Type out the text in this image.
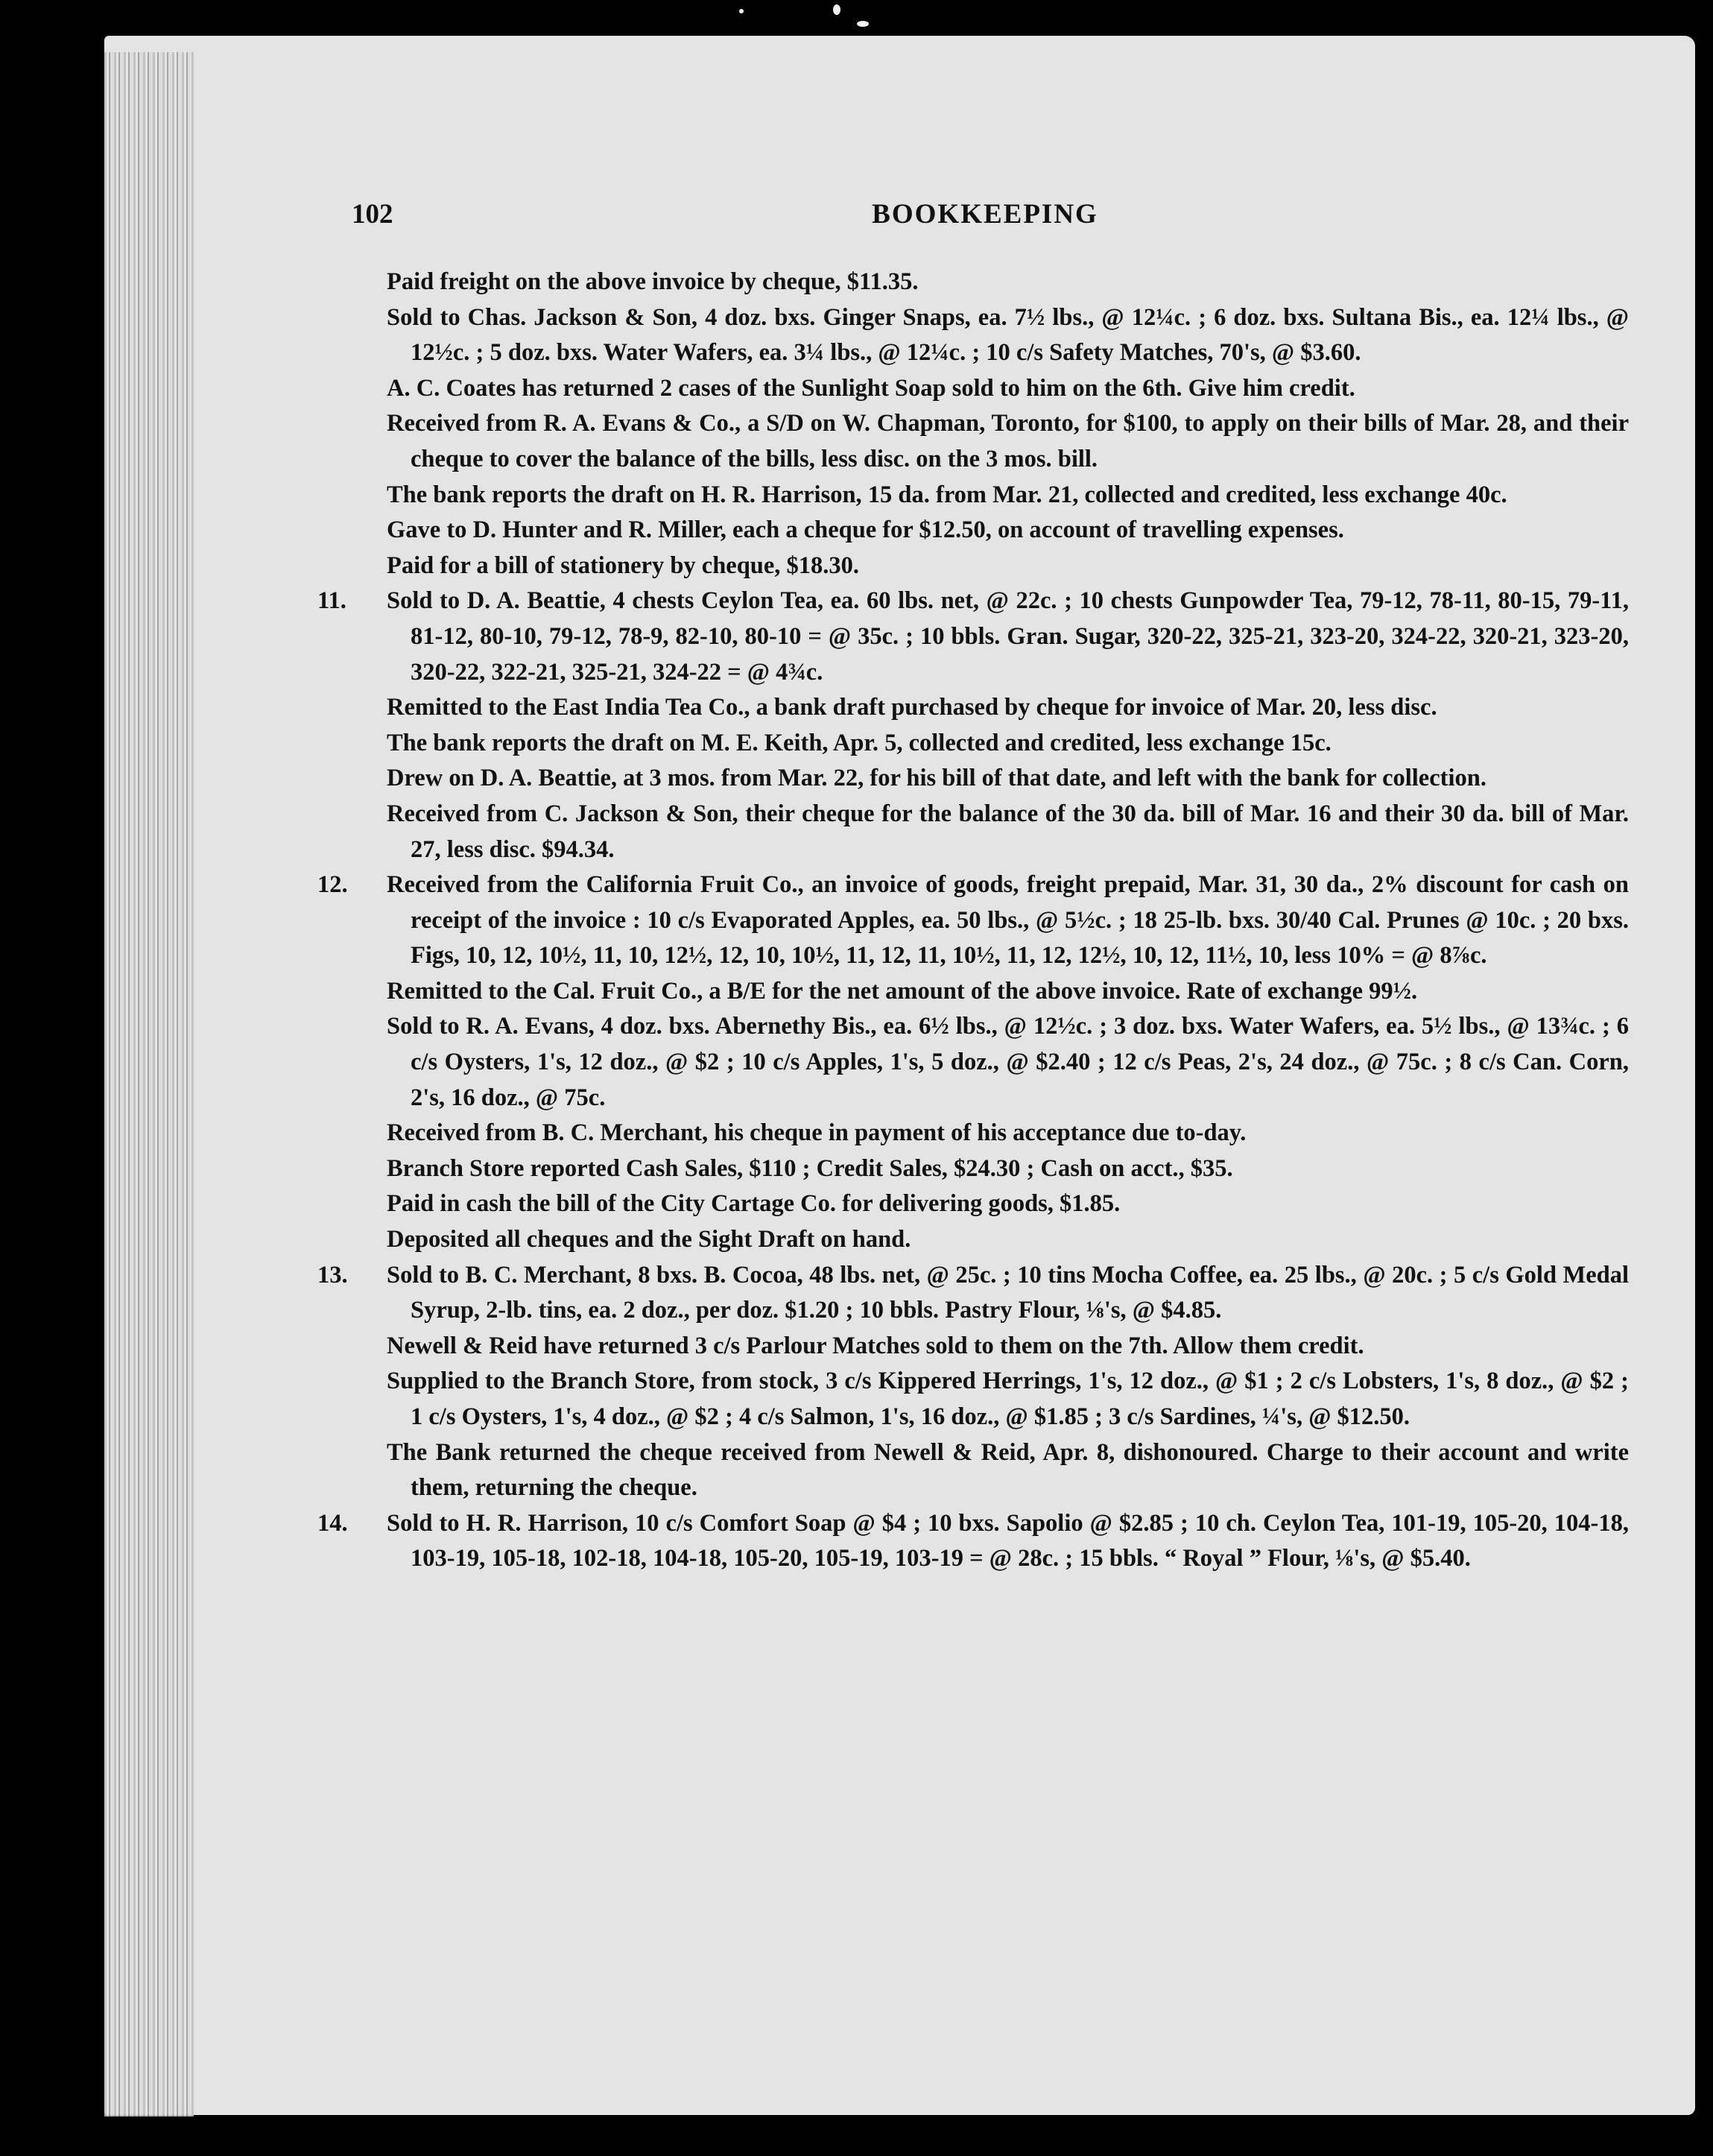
102	BOOKKEEPING
Paid freight on the above invoice by cheque, $11.35.
Sold to Chas. Jackson & Son, 4 doz. bxs. Ginger Snaps, ea. 7½ lbs., @ 12¼c. ; 6 doz. bxs. Sultana Bis., ea. 12¼ lbs., @ 12½c. ; 5 doz. bxs. Water Wafers, ea. 3¼ lbs., @ 12¼c. ; 10 c/s Safety Matches, 70's, @ $3.60.
A. C. Coates has returned 2 cases of the Sunlight Soap sold to him on the 6th. Give him credit.
Received from R. A. Evans & Co., a S/D on W. Chapman, Toronto, for $100, to apply on their bills of Mar. 28, and their cheque to cover the balance of the bills, less disc. on the 3 mos. bill.
The bank reports the draft on H. R. Harrison, 15 da. from Mar. 21, collected and credited, less exchange 40c.
Gave to D. Hunter and R. Miller, each a cheque for $12.50, on account of travelling expenses.
Paid for a bill of stationery by cheque, $18.30.
11. Sold to D. A. Beattie, 4 chests Ceylon Tea, ea. 60 lbs. net, @ 22c. ; 10 chests Gunpowder Tea, 79-12, 78-11, 80-15, 79-11, 81-12, 80-10, 79-12, 78-9, 82-10, 80-10 = @ 35c. ; 10 bbls. Gran. Sugar, 320-22, 325-21, 323-20, 324-22, 320-21, 323-20, 320-22, 322-21, 325-21, 324-22 = @ 4¾c.
Remitted to the East India Tea Co., a bank draft purchased by cheque for invoice of Mar. 20, less disc.
The bank reports the draft on M. E. Keith, Apr. 5, collected and credited, less exchange 15c.
Drew on D. A. Beattie, at 3 mos. from Mar. 22, for his bill of that date, and left with the bank for collection.
Received from C. Jackson & Son, their cheque for the balance of the 30 da. bill of Mar. 16 and their 30 da. bill of Mar. 27, less disc. $94.34.
12. Received from the California Fruit Co., an invoice of goods, freight prepaid, Mar. 31, 30 da., 2% discount for cash on receipt of the invoice : 10 c/s Evaporated Apples, ea. 50 lbs., @ 5½c. ; 18 25-lb. bxs. 30/40 Cal. Prunes @ 10c. ; 20 bxs. Figs, 10, 12, 10½, 11, 10, 12½, 12, 10, 10½, 11, 12, 11, 10½, 11, 12, 12½, 10, 12, 11½, 10, less 10% = @ 8⅞c.
Remitted to the Cal. Fruit Co., a B/E for the net amount of the above invoice. Rate of exchange 99½.
Sold to R. A. Evans, 4 doz. bxs. Abernethy Bis., ea. 6½ lbs., @ 12½c. ; 3 doz. bxs. Water Wafers, ea. 5½ lbs., @ 13¾c. ; 6 c/s Oysters, 1's, 12 doz., @ $2 ; 10 c/s Apples, 1's, 5 doz., @ $2.40 ; 12 c/s Peas, 2's, 24 doz., @ 75c. ; 8 c/s Can. Corn, 2's, 16 doz., @ 75c.
Received from B. C. Merchant, his cheque in payment of his acceptance due to-day.
Branch Store reported Cash Sales, $110 ; Credit Sales, $24.30 ; Cash on acct., $35.
Paid in cash the bill of the City Cartage Co. for delivering goods, $1.85.
Deposited all cheques and the Sight Draft on hand.
13. Sold to B. C. Merchant, 8 bxs. B. Cocoa, 48 lbs. net, @ 25c. ; 10 tins Mocha Coffee, ea. 25 lbs., @ 20c. ; 5 c/s Gold Medal Syrup, 2-lb. tins, ea. 2 doz., per doz. $1.20 ; 10 bbls. Pastry Flour, ⅛'s, @ $4.85.
Newell & Reid have returned 3 c/s Parlour Matches sold to them on the 7th. Allow them credit.
Supplied to the Branch Store, from stock, 3 c/s Kippered Herrings, 1's, 12 doz., @ $1 ; 2 c/s Lobsters, 1's, 8 doz., @ $2 ; 1 c/s Oysters, 1's, 4 doz., @ $2 ; 4 c/s Salmon, 1's, 16 doz., @ $1.85 ; 3 c/s Sardines, ¼'s, @ $12.50.
The Bank returned the cheque received from Newell & Reid, Apr. 8, dishonoured. Charge to their account and write them, returning the cheque.
14. Sold to H. R. Harrison, 10 c/s Comfort Soap @ $4 ; 10 bxs. Sapolio @ $2.85 ; 10 ch. Ceylon Tea, 101-19, 105-20, 104-18, 103-19, 105-18, 102-18, 104-18, 105-20, 105-19, 103-19 = @ 28c. ; 15 bbls. “ Royal ” Flour, ⅛'s, @ $5.40.
